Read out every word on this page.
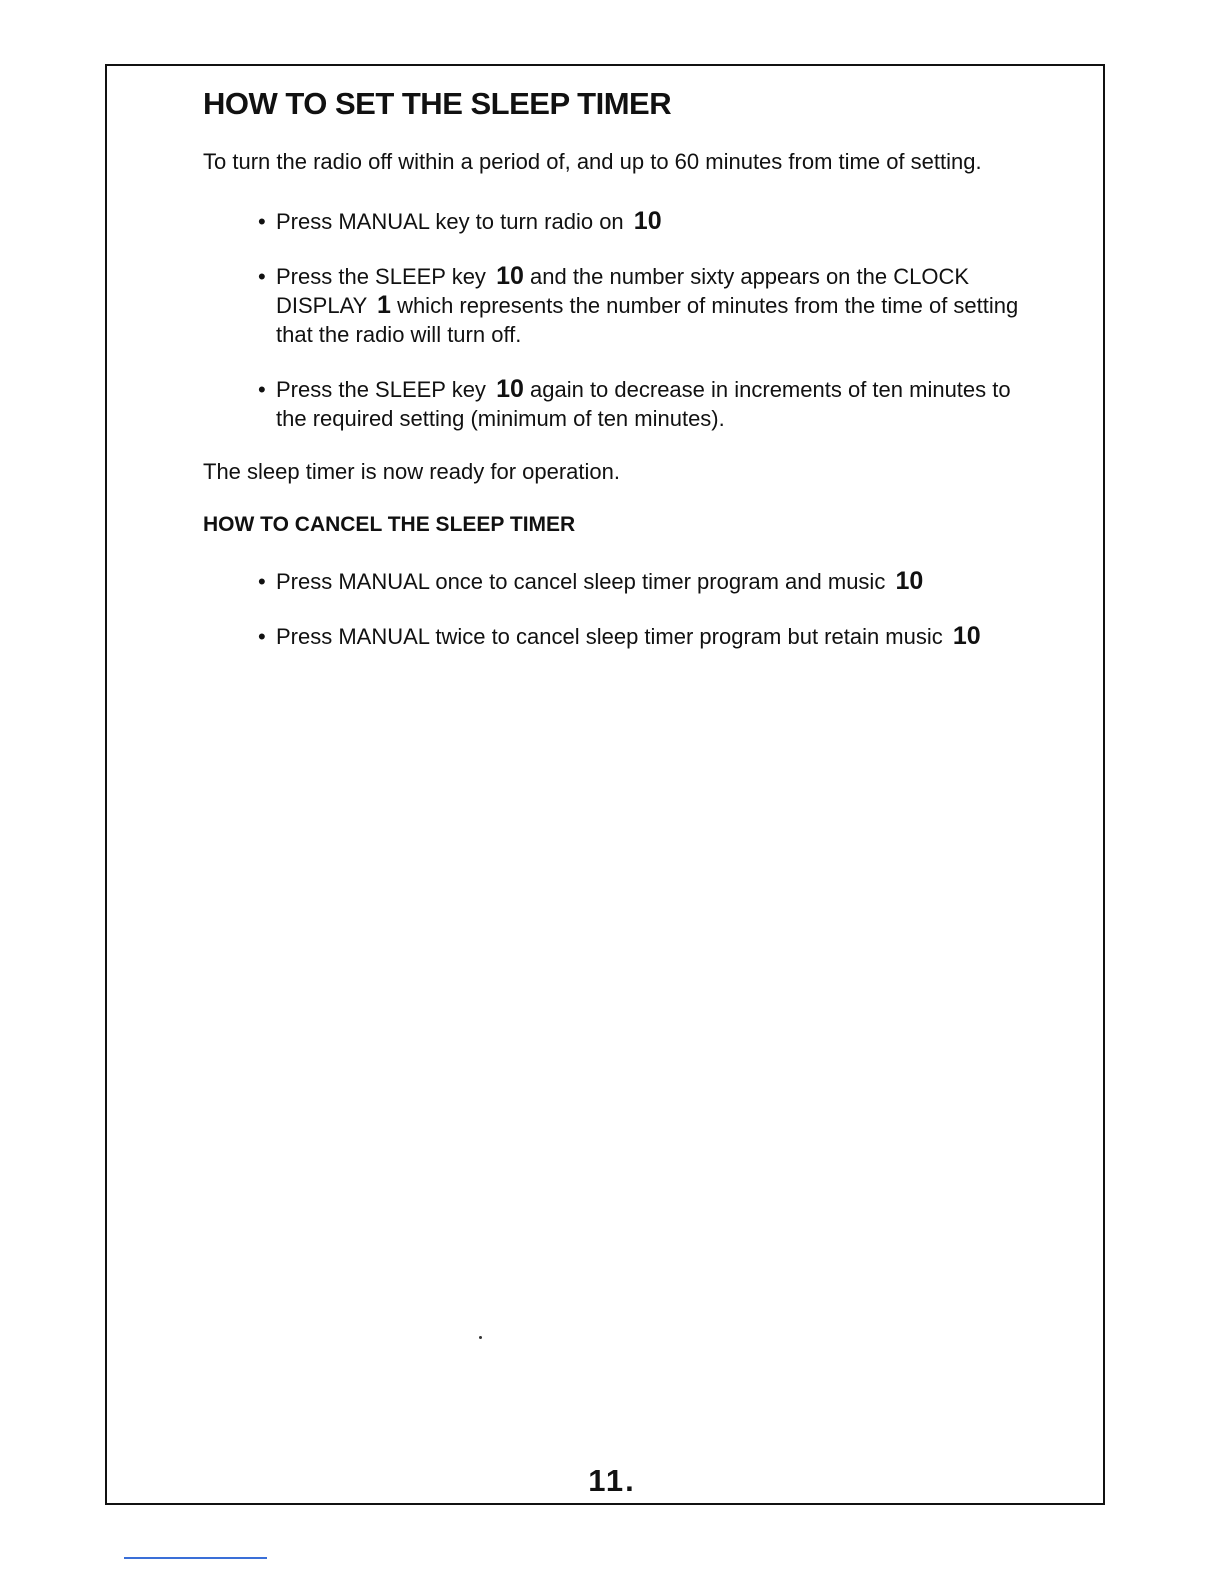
HOW TO SET THE SLEEP TIMER

To turn the radio off within a period of, and up to 60 minutes from time of setting.

• Press MANUAL key to turn radio on 10
• Press the SLEEP key 10 and the number sixty appears on the CLOCK DISPLAY 1 which represents the number of minutes from the time of setting that the radio will turn off.
• Press the SLEEP key 10 again to decrease in increments of ten minutes to the required setting (minimum of ten minutes).

The sleep timer is now ready for operation.

HOW TO CANCEL THE SLEEP TIMER
• Press MANUAL once to cancel sleep timer program and music 10
• Press MANUAL twice to cancel sleep timer program but retain music 10
11.
